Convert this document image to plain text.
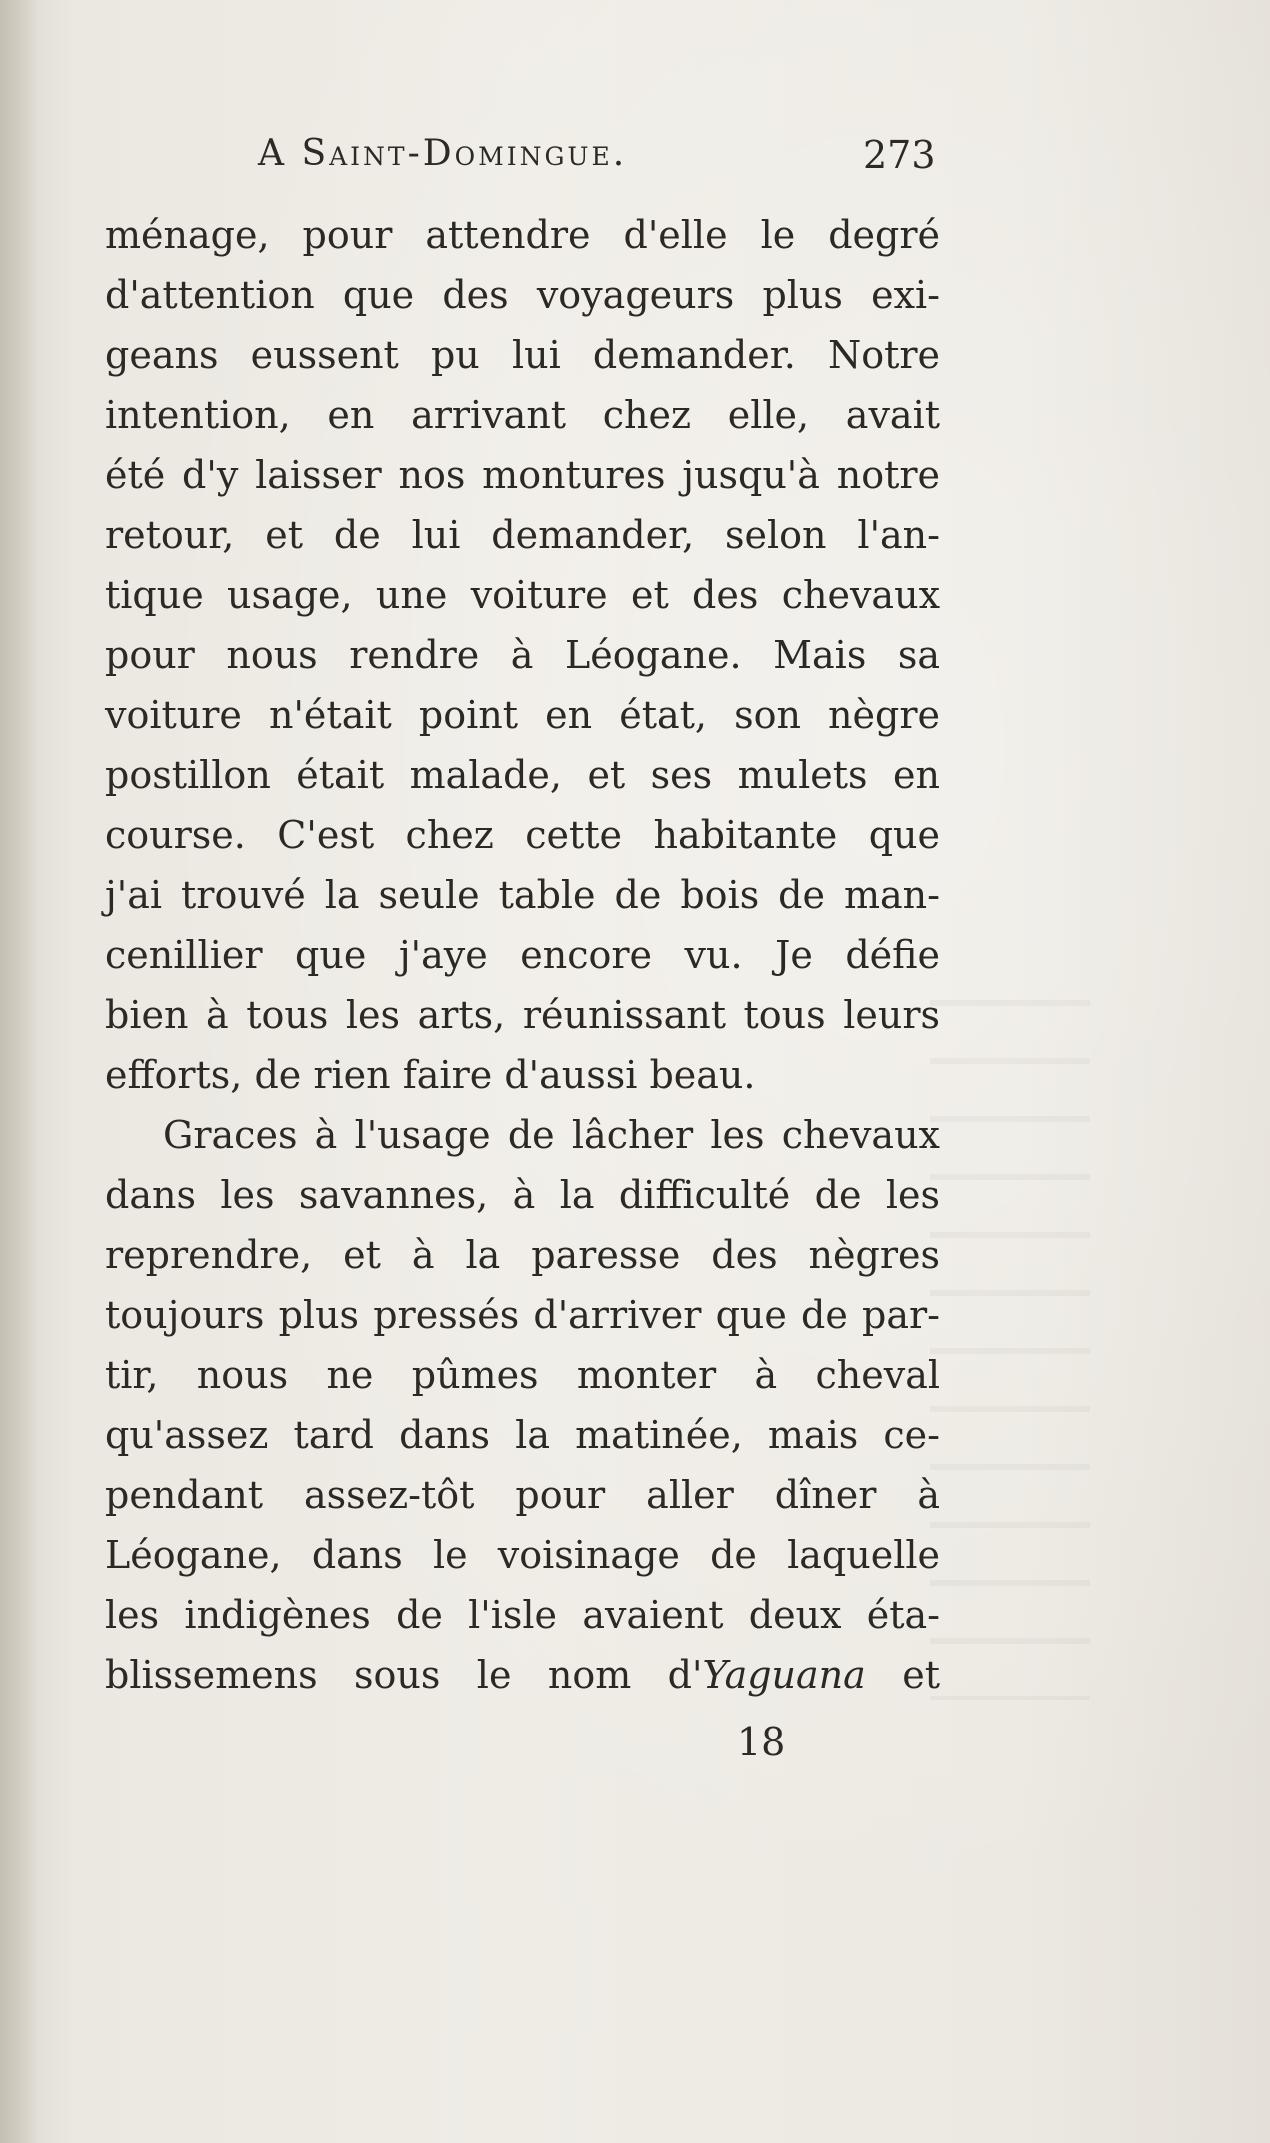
A Saint-Domingue.	273
ménage, pour attendre d'elle le degré
d'attention que des voyageurs plus exi-
geans eussent pu lui demander. Notre
intention, en arrivant chez elle, avait
été d'y laisser nos montures jusqu'à notre
retour, et de lui demander, selon l'an-
tique usage, une voiture et des chevaux
pour nous rendre à Léogane. Mais sa
voiture n'était point en état, son nègre
postillon était malade, et ses mulets en
course. C'est chez cette habitante que
j'ai trouvé la seule table de bois de man-
cenillier que j'aye encore vu. Je défie
bien à tous les arts, réunissant tous leurs
efforts, de rien faire d'aussi beau.
Graces à l'usage de lâcher les chevaux
dans les savannes, à la difficulté de les
reprendre, et à la paresse des nègres
toujours plus pressés d'arriver que de par-
tir, nous ne pûmes monter à cheval
qu'assez tard dans la matinée, mais ce-
pendant assez-tôt pour aller dîner à
Léogane, dans le voisinage de laquelle
les indigènes de l'isle avaient deux éta-
blissemens sous le nom d'Yaguana et
18
